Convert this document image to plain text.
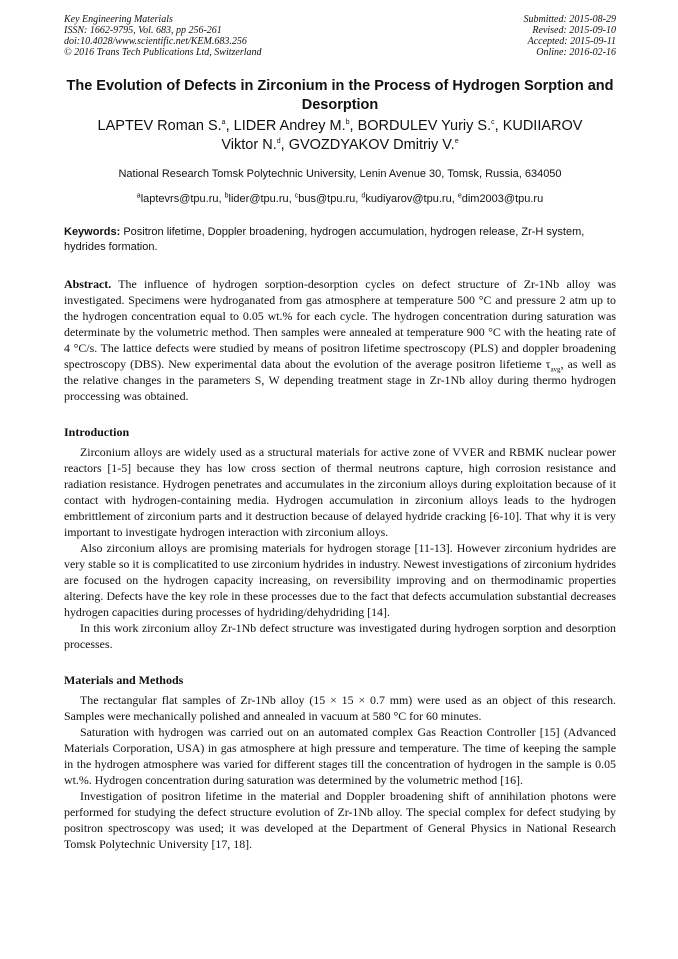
Key Engineering Materials
ISSN: 1662-9795, Vol. 683, pp 256-261
doi:10.4028/www.scientific.net/KEM.683.256
© 2016 Trans Tech Publications Ltd, Switzerland
Submitted: 2015-08-29
Revised: 2015-09-10
Accepted: 2015-09-11
Online: 2016-02-16
The Evolution of Defects in Zirconium in the Process of Hydrogen Sorption and Desorption
LAPTEV Roman S.$^a$, LIDER Andrey M.$^b$, BORDULEV Yuriy S.$^c$, KUDIIAROV Viktor N.$^d$, GVOZDYAKOV Dmitriy V.$^e$
National Research Tomsk Polytechnic University, Lenin Avenue 30, Tomsk, Russia, 634050
$^a$laptevrs@tpu.ru, $^b$lider@tpu.ru, $^c$bus@tpu.ru, $^d$kudiyarov@tpu.ru, $^e$dim2003@tpu.ru
Keywords: Positron lifetime, Doppler broadening, hydrogen accumulation, hydrogen release, Zr-H system, hydrides formation.

Abstract. The influence of hydrogen sorption-desorption cycles on defect structure of Zr-1Nb alloy was investigated. Specimens were hydroganated from gas atmosphere at temperature 500 °C and pressure 2 atm up to the hydrogen concentration equal to 0.05 wt.% for each cycle. The hydrogen concentration during saturation was determinate by the volumetric method. Then samples were annealed at temperature 900 °C with the heating rate of 4 °C/s. The lattice defects were studied by means of positron lifetime spectroscopy (PLS) and doppler broadening spectroscopy (DBS). New experimental data about the evolution of the average positron lifetieme $\tau_{avg}$, as well as the relative changes in the parameters S, W depending treatment stage in Zr-1Nb alloy during thermo hydrogen proccessing was obtained.

Introduction

Zirconium alloys are widely used as a structural materials for active zone of VVER and RBMK nuclear power reactors [1-5] because they has low cross section of thermal neutrons capture, high corrosion resistance and radiation resistance. Hydrogen penetrates and accumulates in the zirconium alloys during exploitation because of it contact with hydrogen-containing media. Hydrogen accumulation in zirconium alloys leads to the hydrogen embrittlement of zirconium parts and it destruction because of delayed hydride cracking [6-10]. That why it is very important to investigate hydrogen interaction with zirconium alloys.

Also zirconium alloys are promising materials for hydrogen storage [11-13]. However zirconium hydrides are very stable so it is complicatited to use zirconium hydrides in industry. Newest investigations of zirconium hydrides are focused on the hydrogen capacity increasing, on reversibility improving and on thermodinamic properties altering. Defects have the key role in these processes due to the fact that defects accumulation substantial decreases hydrogen capacities during processes of hydriding/dehydriding [14].

In this work zirconium alloy Zr-1Nb defect structure was investigated during hydrogen sorption and desorption processes.

Materials and Methods

The rectangular flat samples of Zr-1Nb alloy (15 × 15 × 0.7 mm) were used as an object of this research. Samples were mechanically polished and annealed in vacuum at 580 °C for 60 minutes.

Saturation with hydrogen was carried out on an automated complex Gas Reaction Controller [15] (Advanced Materials Corporation, USA) in gas atmosphere at high pressure and temperature. The time of keeping the sample in the hydrogen atmosphere was varied for different stages till the concentration of hydrogen in the sample is 0.05 wt.%. Hydrogen concentration during saturation was determined by the volumetric method [16].

Investigation of positron lifetime in the material and Doppler broadening shift of annihilation photons were performed for studying the defect structure evolution of Zr-1Nb alloy. The special complex for defect studying by positron spectroscopy was used; it was developed at the Department of General Physics in National Research Tomsk Polytechnic University [17, 18].
